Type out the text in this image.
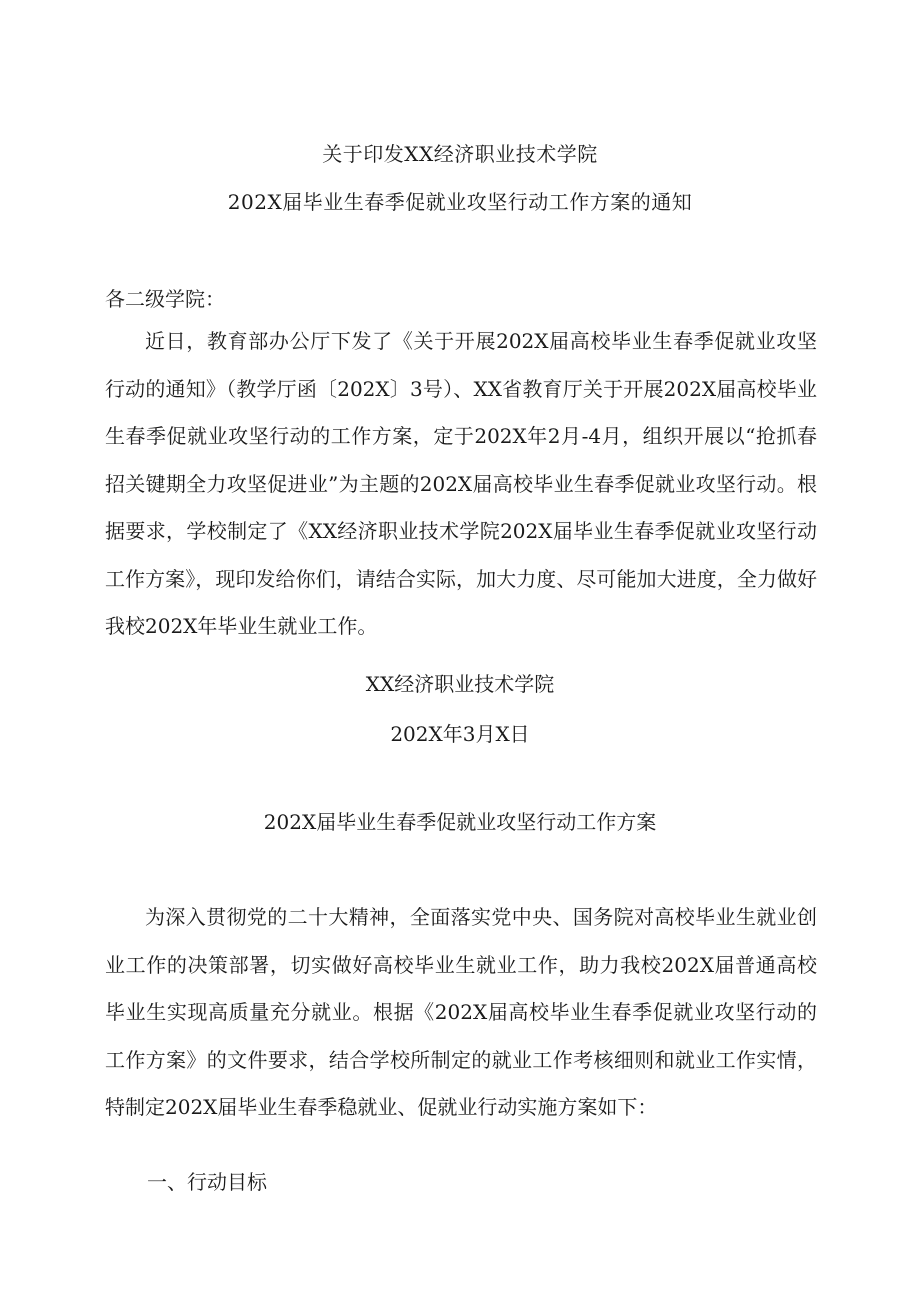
关于印发XX经济职业技术学院
202X届毕业生春季促就业攻坚行动工作方案的通知
各二级学院：

近日，教育部办公厅下发了《关于开展202X届高校毕业生春季促就业攻坚行动的通知》（教学厅函〔202X〕3号）、XX省教育厅关于开展202X届高校毕业生春季促就业攻坚行动的工作方案，定于202X年2月-4月，组织开展以“抢抓春招关键期全力攻坚促进业”为主题的202X届高校毕业生春季促就业攻坚行动。根据要求，学校制定了《XX经济职业技术学院202X届毕业生春季促就业攻坚行动工作方案》，现印发给你们，请结合实际，加大力度、尽可能加大进度，全力做好我校202X年毕业生就业工作。

XX经济职业技术学院
202X年3月X日
202X届毕业生春季促就业攻坚行动工作方案

为深入贯彻党的二十大精神，全面落实党中央、国务院对高校毕业生就业创业工作的决策部署，切实做好高校毕业生就业工作，助力我校202X届普通高校毕业生实现高质量充分就业。根据《202X届高校毕业生春季促就业攻坚行动的工作方案》的文件要求，结合学校所制定的就业工作考核细则和就业工作实情，特制定202X届毕业生春季稳就业、促就业行动实施方案如下：

一、行动目标
